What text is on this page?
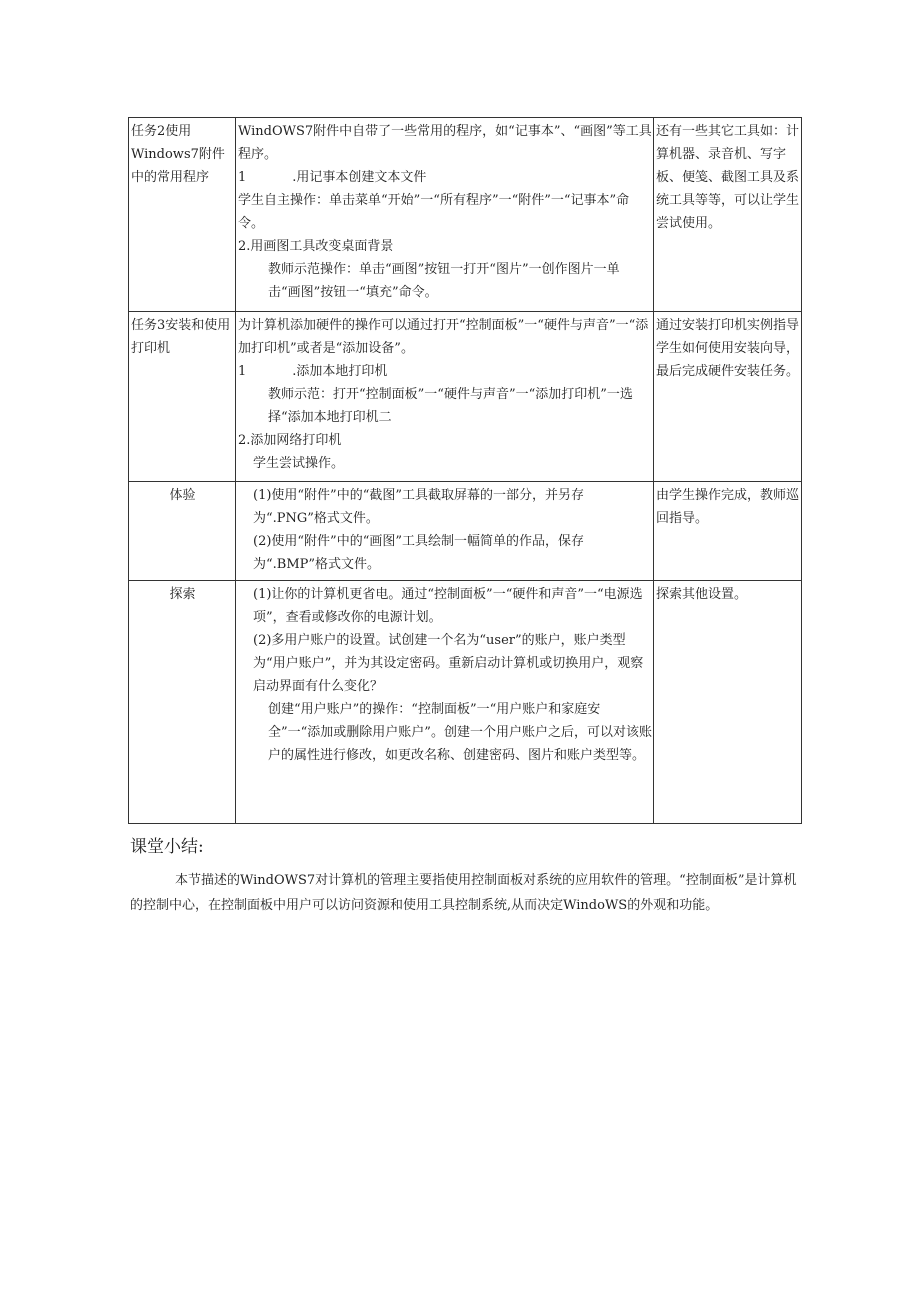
任务2使用Windows7附件中的常用程序	WindOWS7附件中自带了一些常用的程序，如“记事本”、“画图”等工具程序。

1 .用记事本创建文本文件

学生自主操作：单击菜单“开始”一“所有程序”一“附件”一“记事本”命令。

2.用画图工具改变桌面背景

教师示范操作：单击“画图”按钮一打开“图片”一创作图片一单击“画图”按钮一“填充”命令。	还有一些其它工具如：计算机器、录音机、写字板、便笺、截图工具及系统工具等等，可以让学生尝试使用。
任务3安装和使用打印机	为计算机添加硬件的操作可以通过打开“控制面板”一“硬件与声音”一“添加打印机”或者是“添加设备”。

1 .添加本地打印机

教师示范：打开“控制面板”一“硬件与声音”一“添加打印机”一选择“添加本地打印机二

2.添加网络打印机

学生尝试操作。	通过安装打印机实例指导学生如何使用安装向导，最后完成硬件安装任务。
体验	(1)使用“附件”中的“截图”工具截取屏幕的一部分，并另存为“.PNG”格式文件。

(2)使用“附件”中的“画图”工具绘制一幅简单的作品，保存为“.BMP”格式文件。	由学生操作完成，教师巡回指导。
探索	(1)让你的计算机更省电。通过“控制面板”一“硬件和声音”一“电源选项”，查看或修改你的电源计划。

(2)多用户账户的设置。试创建一个名为“user”的账户，账户类型为“用户账户”，并为其设定密码。重新启动计算机或切换用户，观察启动界面有什么变化？

创建“用户账户”的操作：“控制面板”一“用户账户和家庭安全”一“添加或删除用户账户”。创建一个用户账户之后，可以对该账户的属性进行修改，如更改名称、创建密码、图片和账户类型等。	探索其他设置。
课堂小结:

本节描述的WindOWS7对计算机的管理主要指使用控制面板对系统的应用软件的管理。“控制面板”是计算机的控制中心，在控制面板中用户可以访问资源和使用工具控制系统,从而决定WindoWS的外观和功能。
